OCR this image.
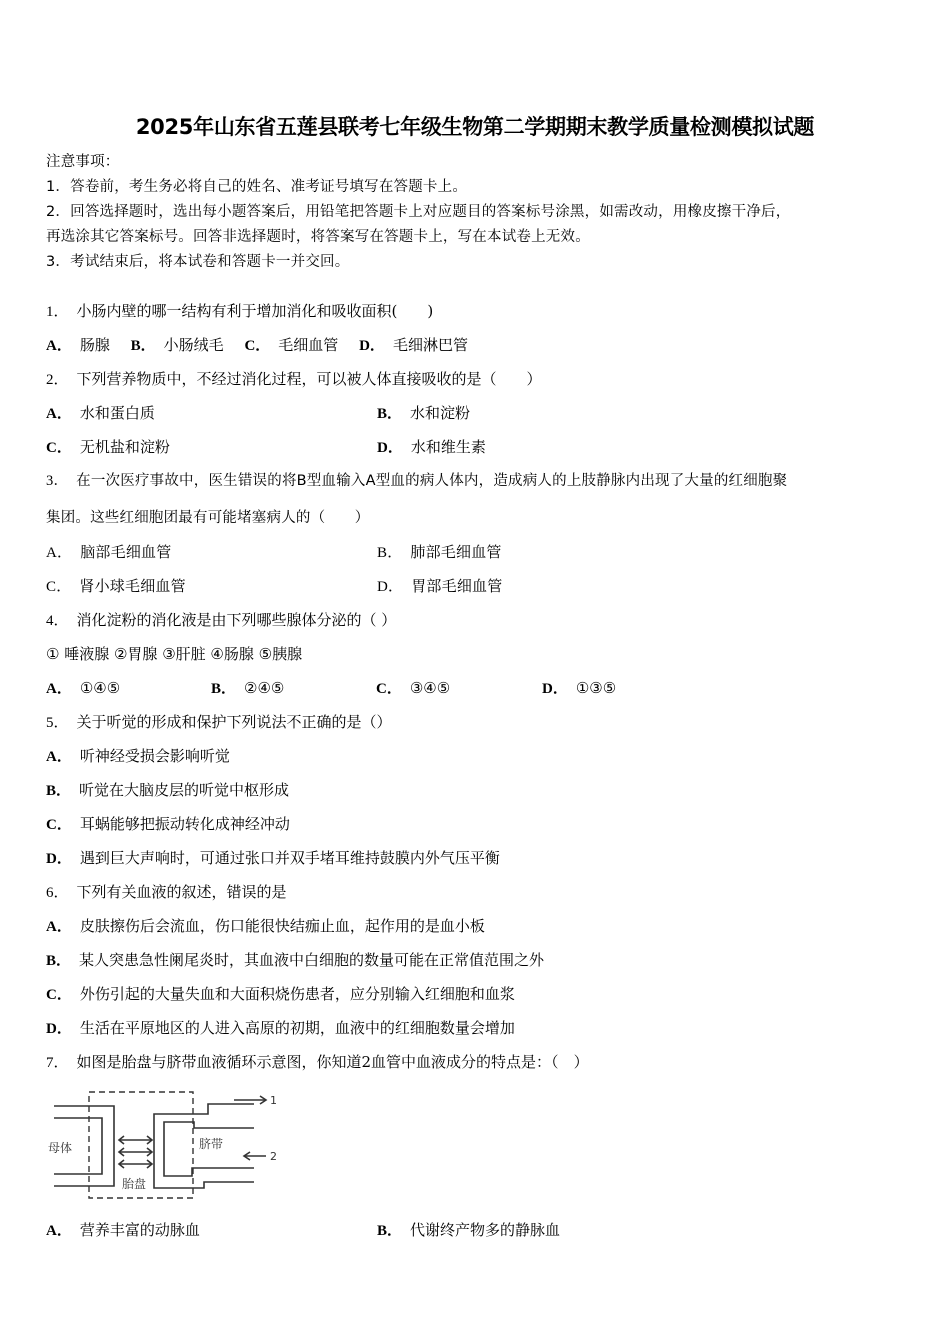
2025年山东省五莲县联考七年级生物第二学期期末教学质量检测模拟试题
注意事项：
1．答卷前，考生务必将自己的姓名、准考证号填写在答题卡上。
2．回答选择题时，选出每小题答案后，用铅笔把答题卡上对应题目的答案标号涂黑，如需改动，用橡皮擦干净后，
再选涂其它答案标号。回答非选择题时，将答案写在答题卡上，写在本试卷上无效。
3．考试结束后，将本试卷和答题卡一并交回。
1． 小肠内壁的哪一结构有利于增加消化和吸收面积(　　)
A． 肠腺 B． 小肠绒毛 C． 毛细血管 D． 毛细淋巴管
2． 下列营养物质中，不经过消化过程，可以被人体直接吸收的是（　　）
A． 水和蛋白质	B． 水和淀粉
C． 无机盐和淀粉	D． 水和维生素
3． 在一次医疗事故中，医生错误的将B型血输入A型血的病人体内，造成病人的上肢静脉内出现了大量的红细胞聚
集团。这些红细胞团最有可能堵塞病人的（　　）
A． 脑部毛细血管	B． 肺部毛细血管
C． 肾小球毛细血管	D． 胃部毛细血管
4． 消化淀粉的消化液是由下列哪些腺体分泌的（ ）
① 唾液腺 ②胃腺 ③肝脏 ④肠腺 ⑤胰腺
A． ①④⑤	B． ②④⑤	C． ③④⑤	D． ①③⑤
5． 关于听觉的形成和保护下列说法不正确的是（）
A． 听神经受损会影响听觉
B． 听觉在大脑皮层的听觉中枢形成
C． 耳蜗能够把振动转化成神经冲动
D． 遇到巨大声响时，可通过张口并双手堵耳维持鼓膜内外气压平衡
6． 下列有关血液的叙述，错误的是
A． 皮肤擦伤后会流血，伤口能很快结痂止血，起作用的是血小板
B． 某人突患急性阑尾炎时，其血液中白细胞的数量可能在正常值范围之外
C． 外伤引起的大量失血和大面积烧伤患者，应分别输入红细胞和血浆
D． 生活在平原地区的人进入高原的初期，血液中的红细胞数量会增加
7． 如图是胎盘与脐带血液循环示意图，你知道2血管中血液成分的特点是：（　）
母体
胎盘
脐带
1
2
A． 营养丰富的动脉血	B． 代谢终产物多的静脉血
